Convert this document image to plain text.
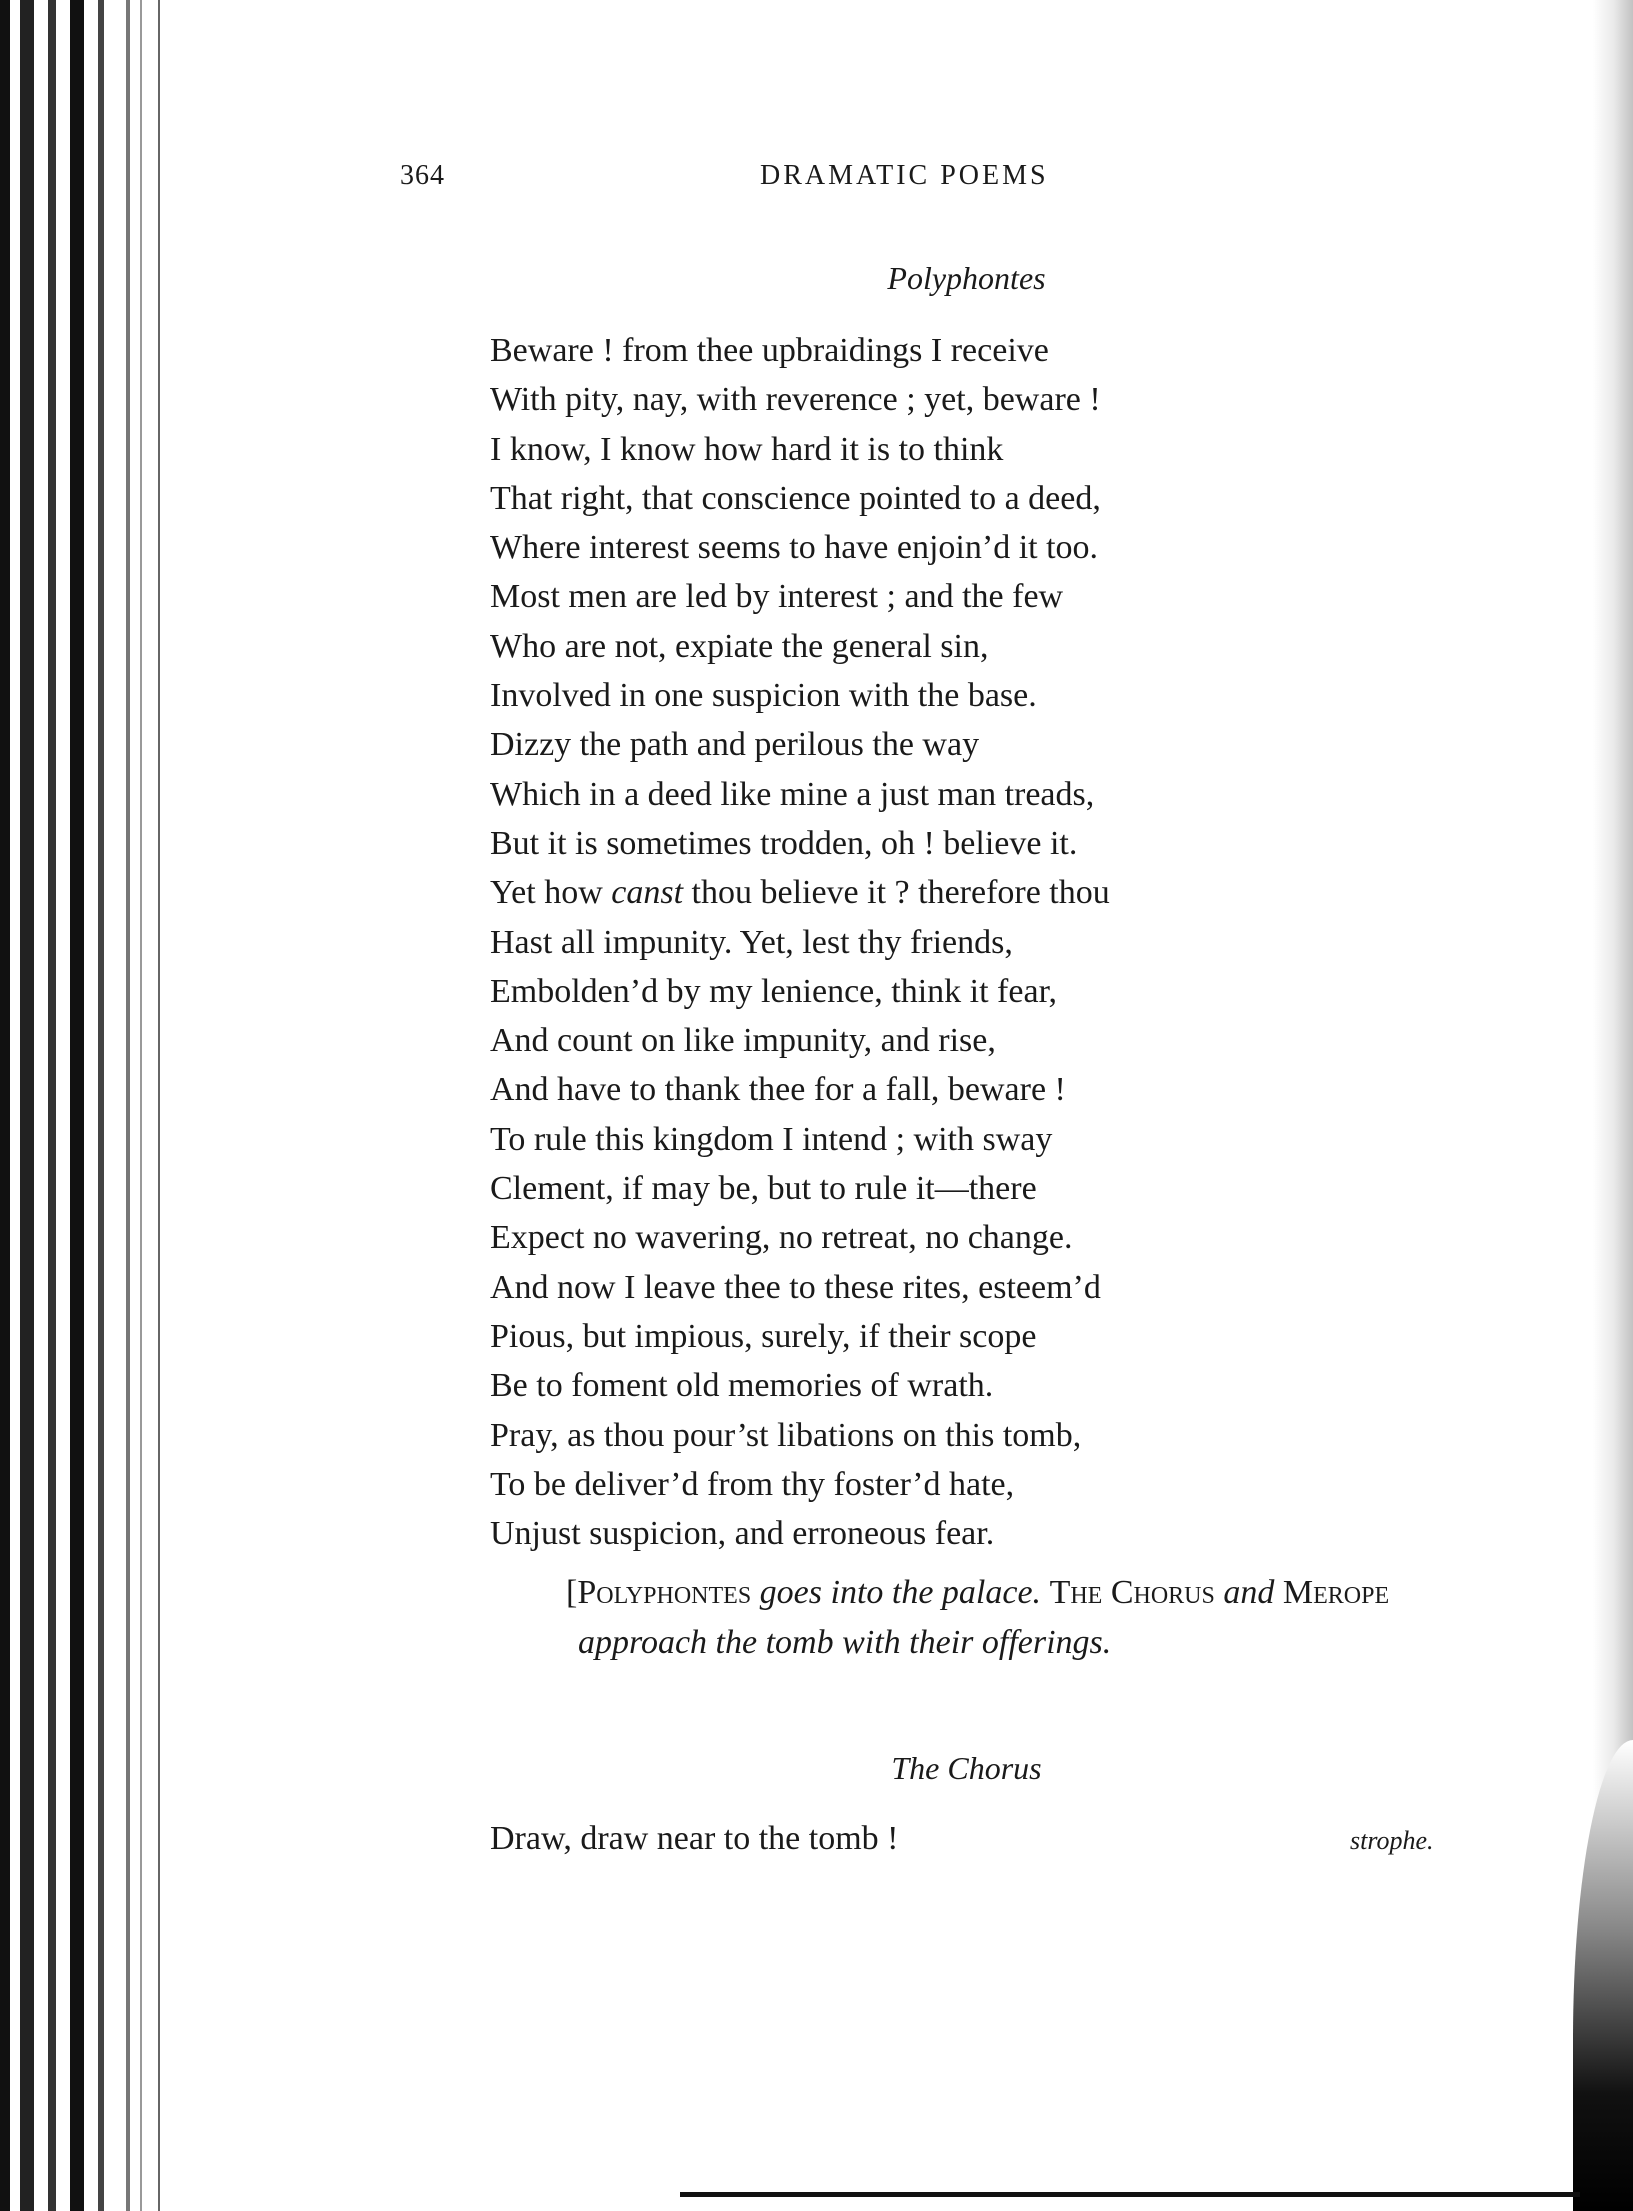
364	DRAMATIC POEMS
Polyphontes
Beware ! from thee upbraidings I receive
With pity, nay, with reverence ; yet, beware !
I know, I know how hard it is to think
That right, that conscience pointed to a deed,
Where interest seems to have enjoin’d it too.
Most men are led by interest ; and the few
Who are not, expiate the general sin,
Involved in one suspicion with the base.
Dizzy the path and perilous the way
Which in a deed like mine a just man treads,
But it is sometimes trodden, oh ! believe it.
Yet how canst thou believe it ? therefore thou
Hast all impunity. Yet, lest thy friends,
Embolden’d by my lenience, think it fear,
And count on like impunity, and rise,
And have to thank thee for a fall, beware !
To rule this kingdom I intend ; with sway
Clement, if may be, but to rule it—there
Expect no wavering, no retreat, no change.
And now I leave thee to these rites, esteem’d
Pious, but impious, surely, if their scope
Be to foment old memories of wrath.
Pray, as thou pour’st libations on this tomb,
To be deliver’d from thy foster’d hate,
Unjust suspicion, and erroneous fear.
[Polyphontes goes into the palace. The Chorus and Merope approach the tomb with their offerings.
The Chorus
Draw, draw near to the tomb !	strophe.
